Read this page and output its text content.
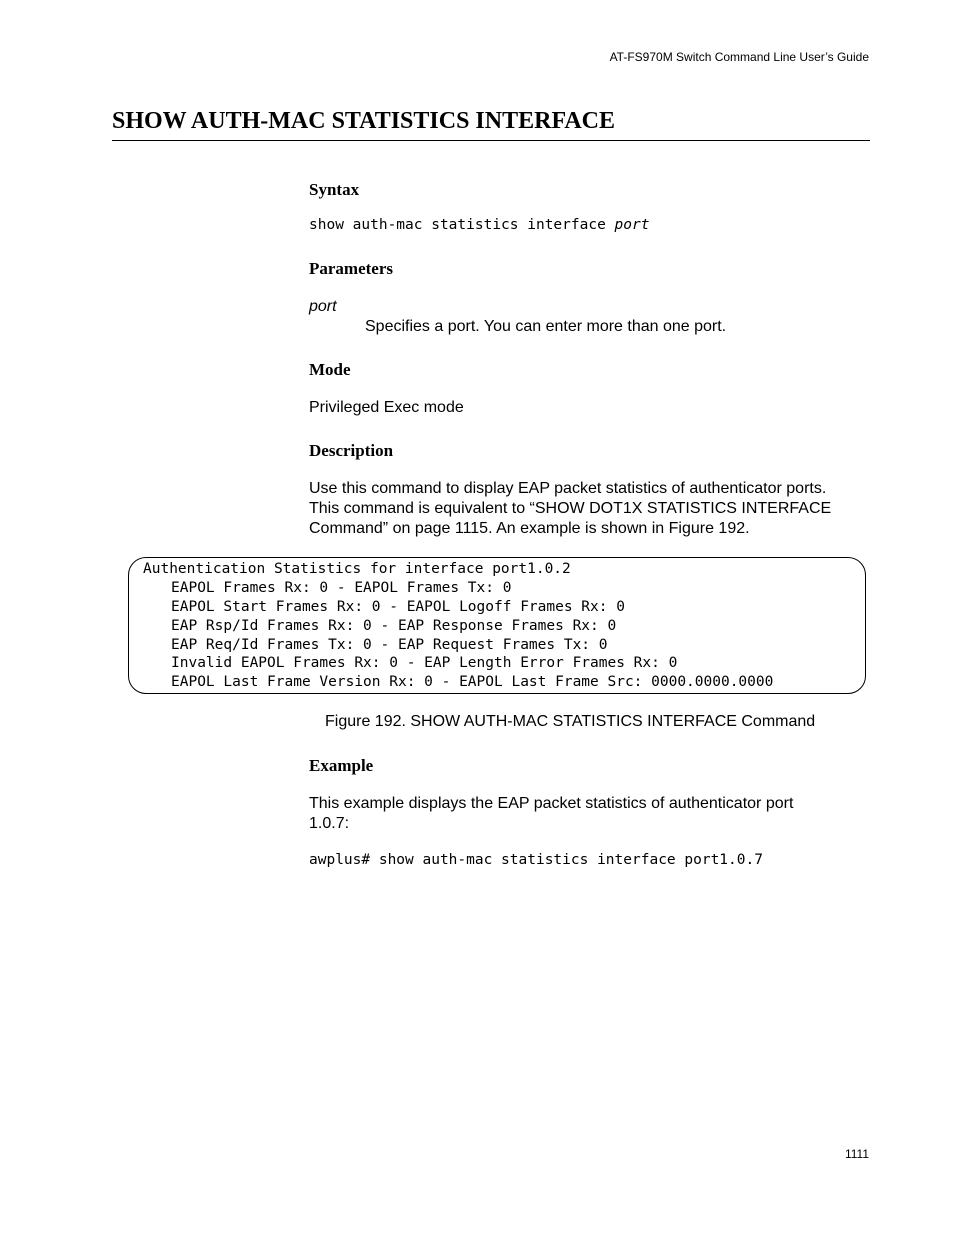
AT-FS970M Switch Command Line User’s Guide
SHOW AUTH-MAC STATISTICS INTERFACE
Syntax
show auth-mac statistics interface port
Parameters
port
Specifies a port. You can enter more than one port.
Mode
Privileged Exec mode
Description
Use this command to display EAP packet statistics of authenticator ports.
This command is equivalent to “SHOW DOT1X STATISTICS INTERFACE
Command” on page 1115. An example is shown in Figure 192.
Authentication Statistics for interface port1.0.2
EAPOL Frames Rx: 0 - EAPOL Frames Tx: 0
EAPOL Start Frames Rx: 0 - EAPOL Logoff Frames Rx: 0
EAP Rsp/Id Frames Rx: 0 - EAP Response Frames Rx: 0
EAP Req/Id Frames Tx: 0 - EAP Request Frames Tx: 0
Invalid EAPOL Frames Rx: 0 - EAP Length Error Frames Rx: 0
EAPOL Last Frame Version Rx: 0 - EAPOL Last Frame Src: 0000.0000.0000
Figure 192. SHOW AUTH-MAC STATISTICS INTERFACE Command
Example
This example displays the EAP packet statistics of authenticator port
1.0.7:
awplus# show auth-mac statistics interface port1.0.7
1111
